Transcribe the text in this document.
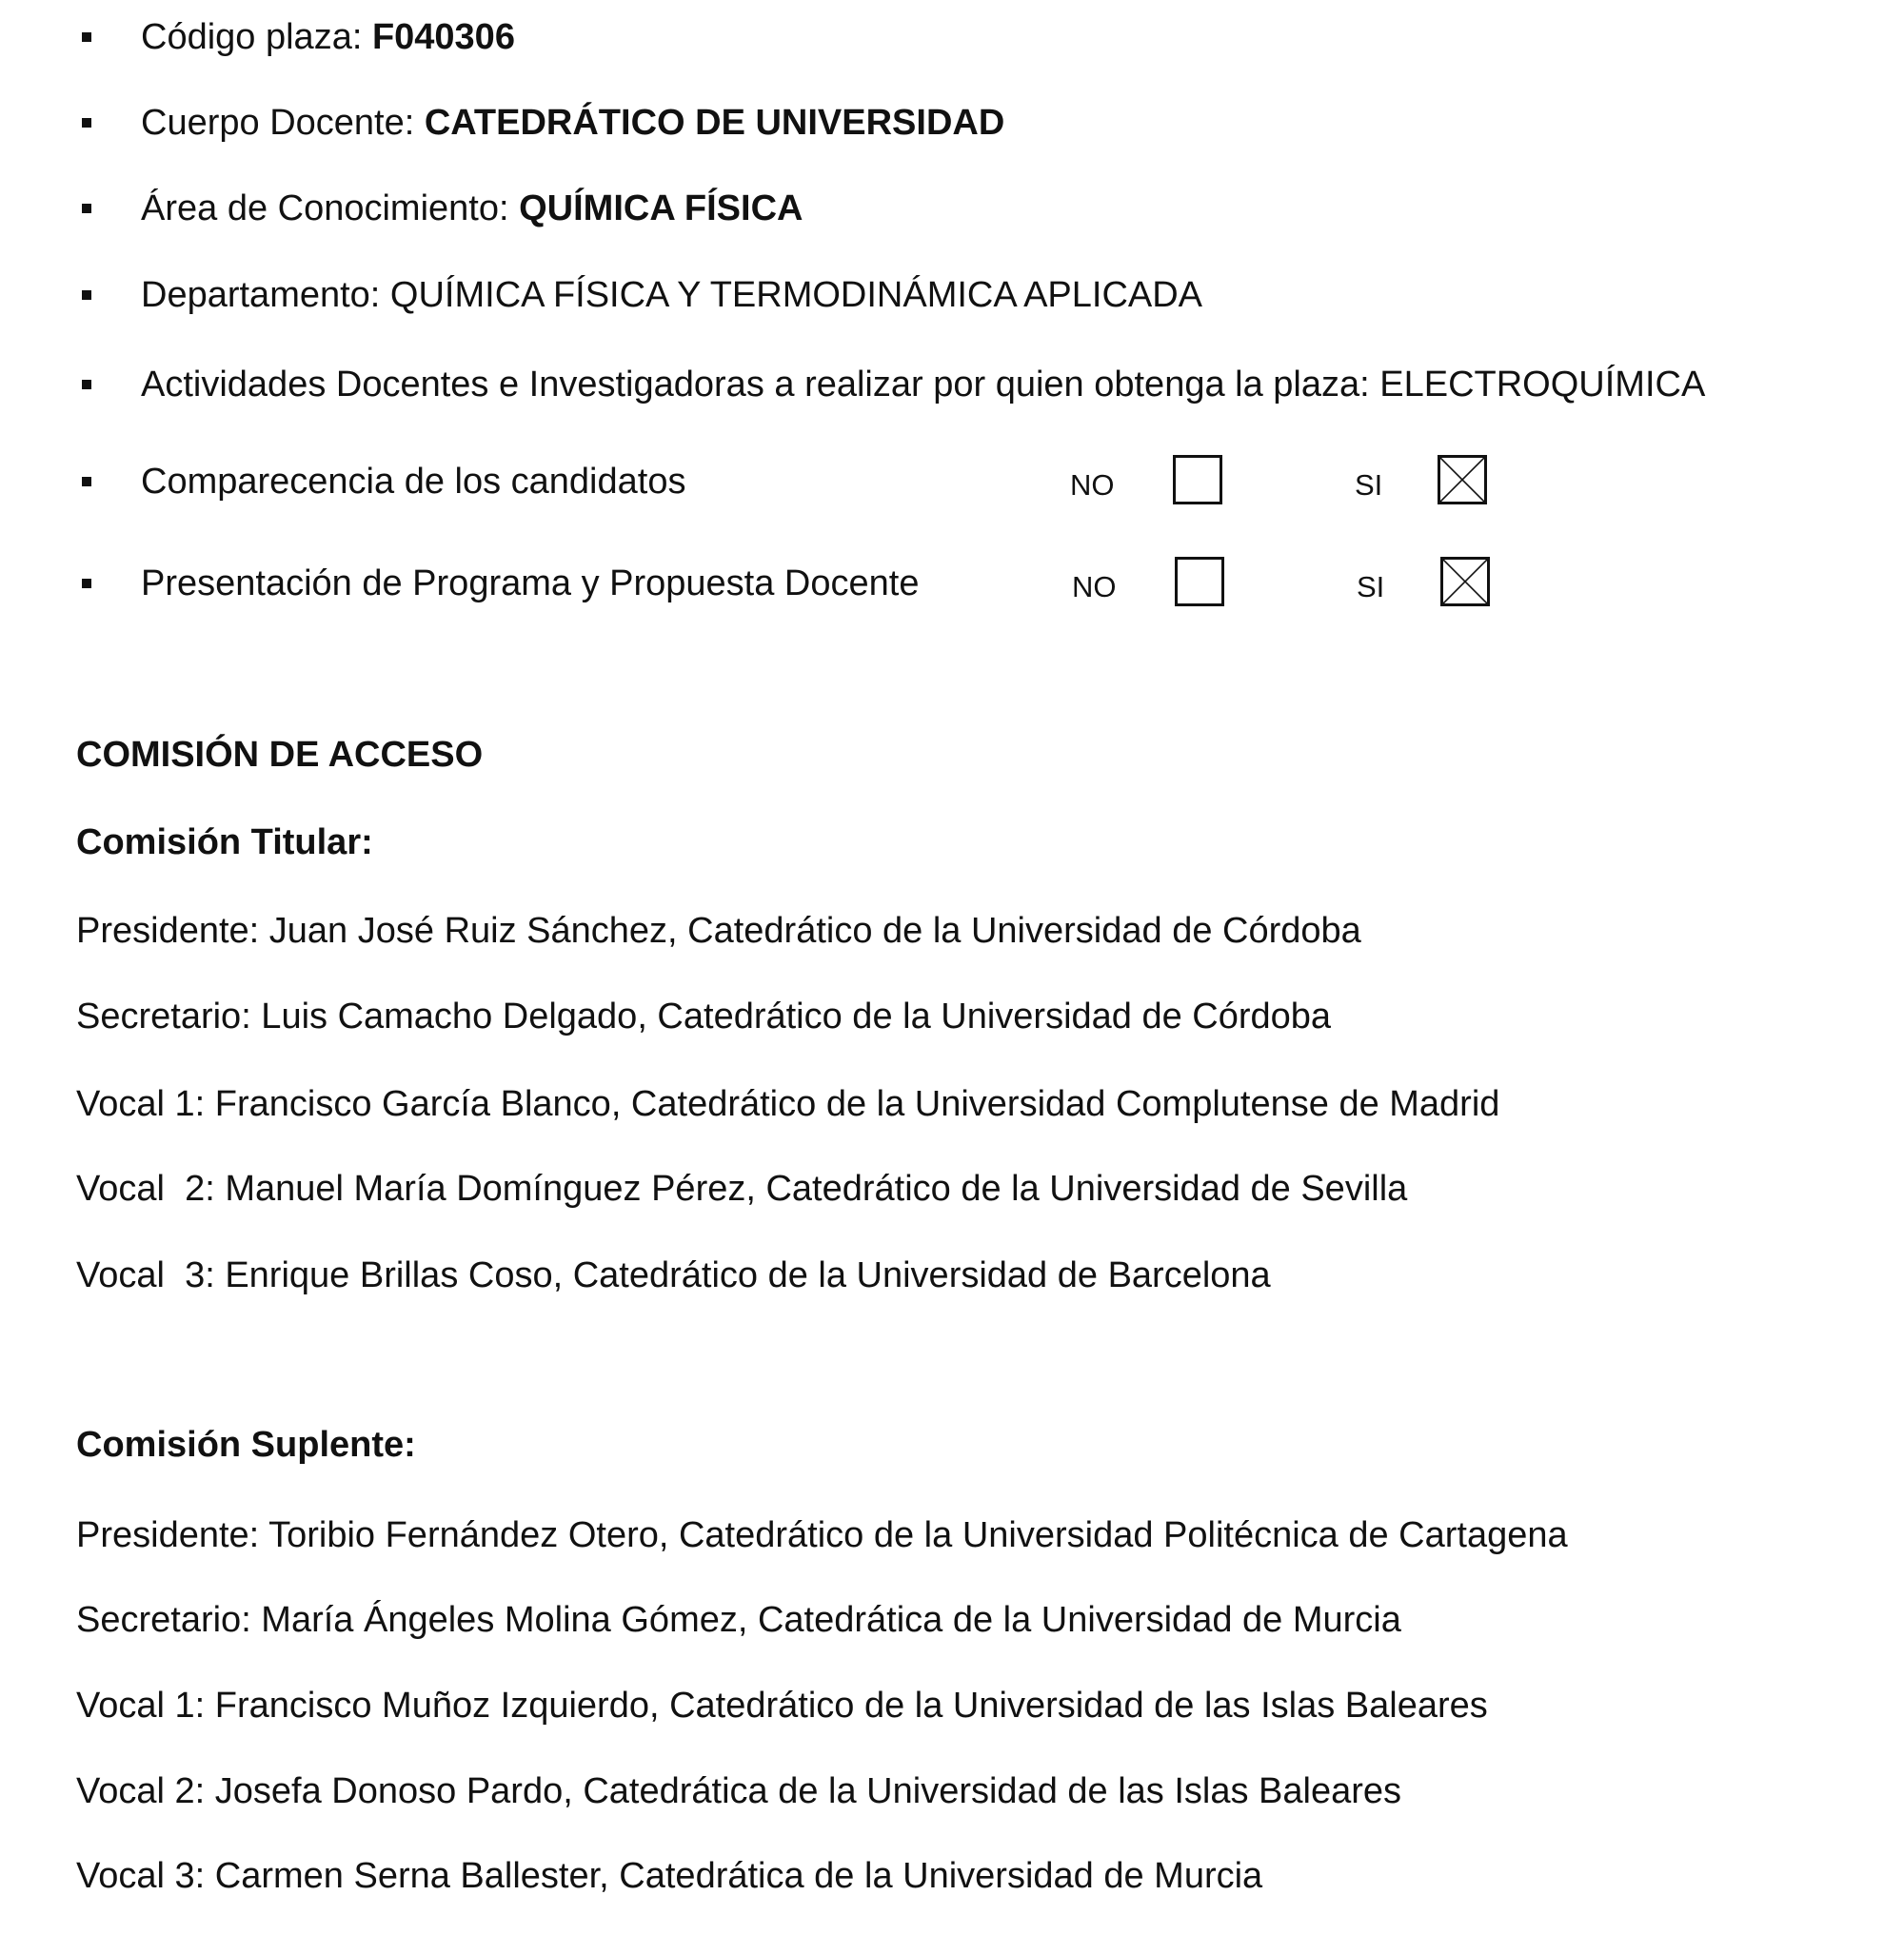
Código plaza: F040306
Cuerpo Docente: CATEDRÁTICO DE UNIVERSIDAD
Área de Conocimiento: QUÍMICA FÍSICA
Departamento: QUÍMICA FÍSICA Y TERMODINÁMICA APLICADA
Actividades Docentes e Investigadoras a realizar por quien obtenga la plaza: ELECTROQUÍMICA
Comparecencia de los candidatos	NO	SI
Presentación de Programa y Propuesta Docente	NO	SI
COMISIÓN DE ACCESO
Comisión Titular:
Presidente: Juan José Ruiz Sánchez, Catedrático de la Universidad de Córdoba
Secretario: Luis Camacho Delgado, Catedrático de la Universidad de Córdoba
Vocal 1: Francisco García Blanco, Catedrático de la Universidad Complutense de Madrid
Vocal  2: Manuel María Domínguez Pérez, Catedrático de la Universidad de Sevilla
Vocal  3: Enrique Brillas Coso, Catedrático de la Universidad de Barcelona
Comisión Suplente:
Presidente: Toribio Fernández Otero, Catedrático de la Universidad Politécnica de Cartagena
Secretario: María Ángeles Molina Gómez, Catedrática de la Universidad de Murcia
Vocal 1: Francisco Muñoz Izquierdo, Catedrático de la Universidad de las Islas Baleares
Vocal 2: Josefa Donoso Pardo, Catedrática de la Universidad de las Islas Baleares
Vocal 3: Carmen Serna Ballester, Catedrática de la Universidad de Murcia
